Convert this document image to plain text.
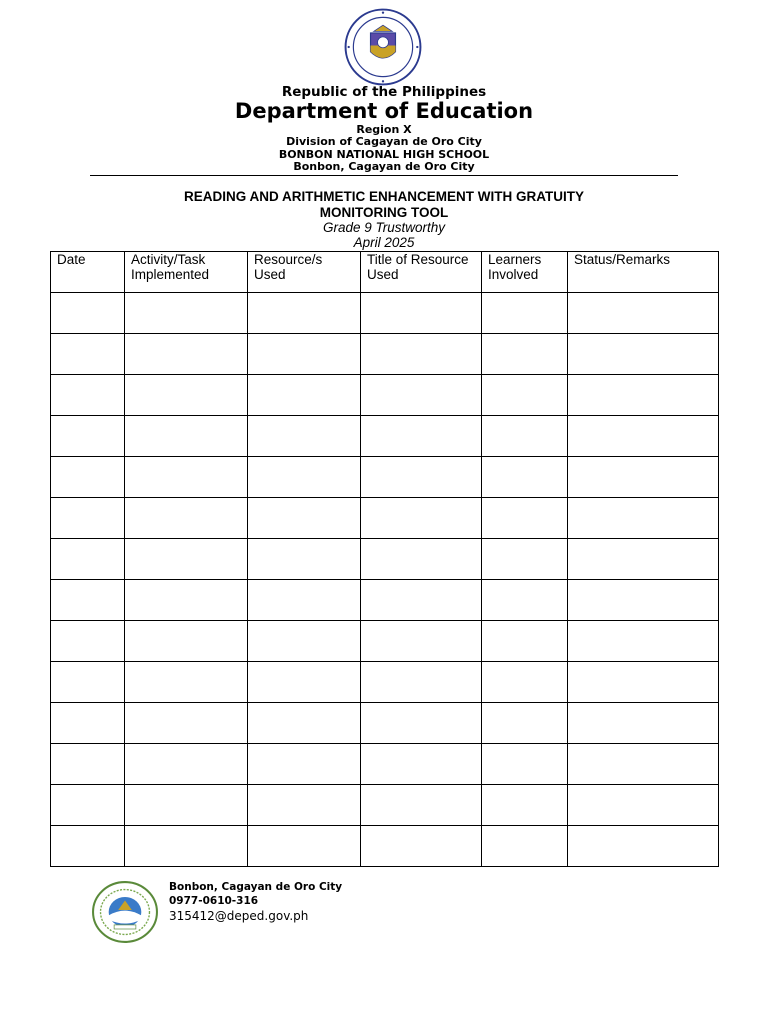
Republic of the Philippines
Department of Education
Region X
Division of Cagayan de Oro City
BONBON NATIONAL HIGH SCHOOL
Bonbon, Cagayan de Oro City
READING AND ARITHMETIC ENHANCEMENT WITH GRATUITY
MONITORING TOOL
Grade 9 Trustworthy
April 2025
Date	Activity/Task Implemented	Resource/s Used	Title of Resource Used	Learners Involved	Status/Remarks

Bonbon, Cagayan de Oro City
0977-0610-316
315412@deped.gov.ph
